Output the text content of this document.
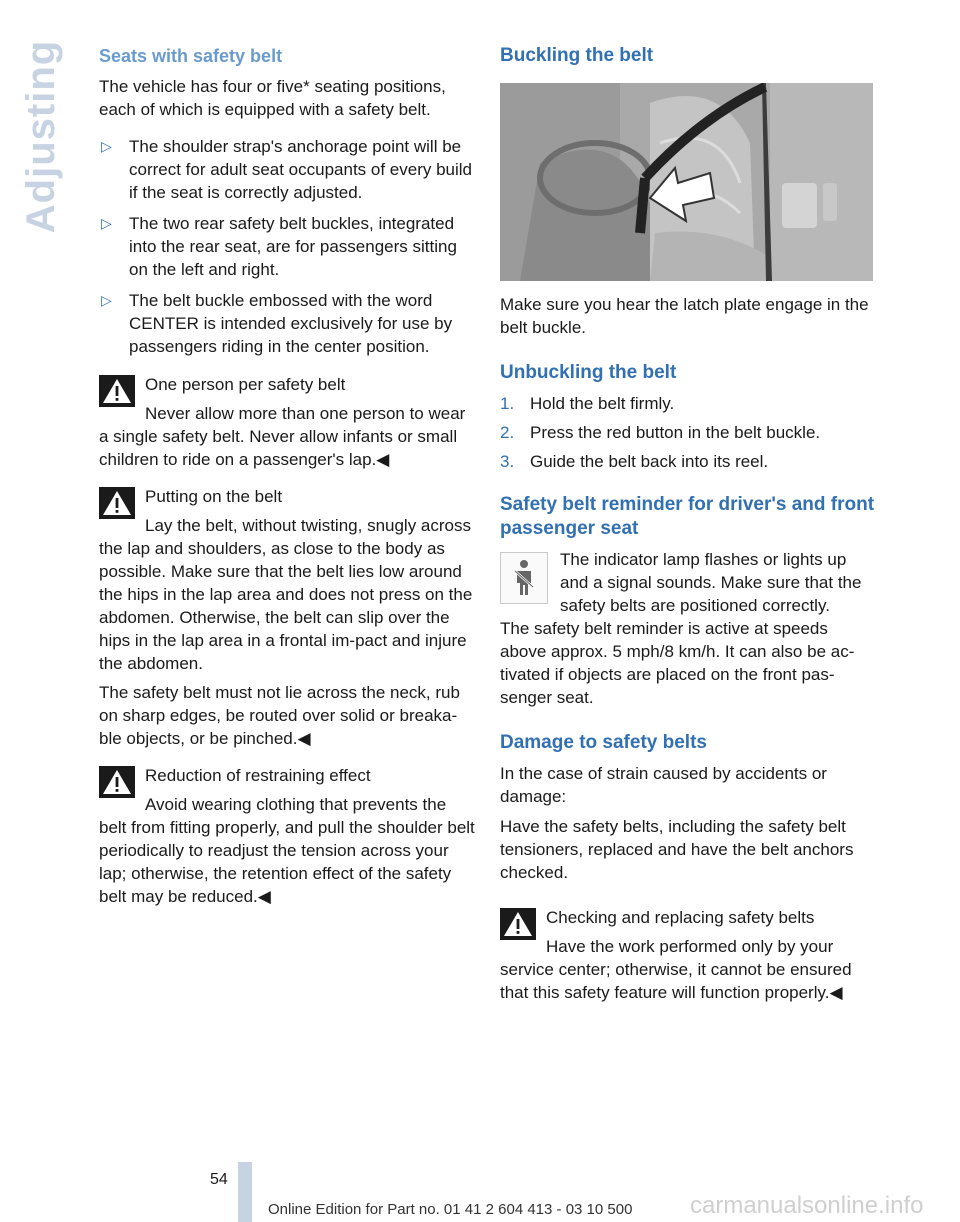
Adjusting Seats with safety belt

The vehicle has four or five* seating positions, each of which is equipped with a safety belt.

▷ The shoulder strap's anchorage point will be correct for adult seat occupants of every build if the seat is correctly adjusted.
▷ The two rear safety belt buckles, integrated into the rear seat, are for passengers sitting on the left and right.
▷ The belt buckle embossed with the word CENTER is intended exclusively for use by passengers riding in the center position.
One person per safety belt

Never allow more than one person to wear a single safety belt. Never allow infants or small children to ride on a passenger's lap.◀

Putting on the belt

Lay the belt, without twisting, snugly across the lap and shoulders, as close to the body as possible. Make sure that the belt lies low around the hips in the lap area and does not press on the abdomen. Otherwise, the belt can slip over the hips in the lap area in a frontal im-pact and injure the abdomen.

The safety belt must not lie across the neck, rub on sharp edges, be routed over solid or breaka-ble objects, or be pinched.◀

Reduction of restraining effect

Avoid wearing clothing that prevents the belt from fitting properly, and pull the shoulder belt periodically to readjust the tension across your lap; otherwise, the retention effect of the safety belt may be reduced.◀

Buckling the belt

Make sure you hear the latch plate engage in the belt buckle.

Unbuckling the belt
1. Hold the belt firmly.
2. Press the red button in the belt buckle.
3. Guide the belt back into its reel.
Safety belt reminder for driver's and front passenger seat

The indicator lamp flashes or lights up and a signal sounds. Make sure that the safety belts are positioned correctly.

The safety belt reminder is active at speeds above approx. 5 mph/8 km/h. It can also be ac-tivated if objects are placed on the front pas-senger seat.

Damage to safety belts

In the case of strain caused by accidents or damage:

Have the safety belts, including the safety belt tensioners, replaced and have the belt anchors checked.

Checking and replacing safety belts

Have the work performed only by your service center; otherwise, it cannot be ensured that this safety feature will function properly.◀

54
Online Edition for Part no. 01 41 2 604 413 - 03 10 500 carmanualsonline.info
